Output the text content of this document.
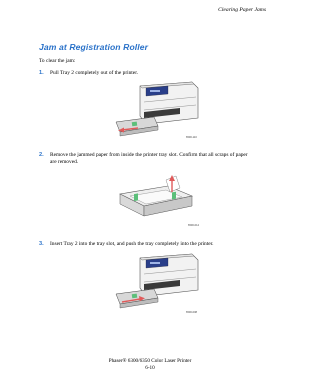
Clearing Paper Jams
Jam at Registration Roller
To clear the jam:
1. Pull Tray 2 completely out of the printer.
6500-110
2. Remove the jammed paper from inside the printer tray slot. Confirm that all scraps of paper are removed.
6500-014
3. Insert Tray 2 into the tray slot, and push the tray completely into the printer.
6500-008
Phaser® 6300/6350 Color Laser Printer
6-10
